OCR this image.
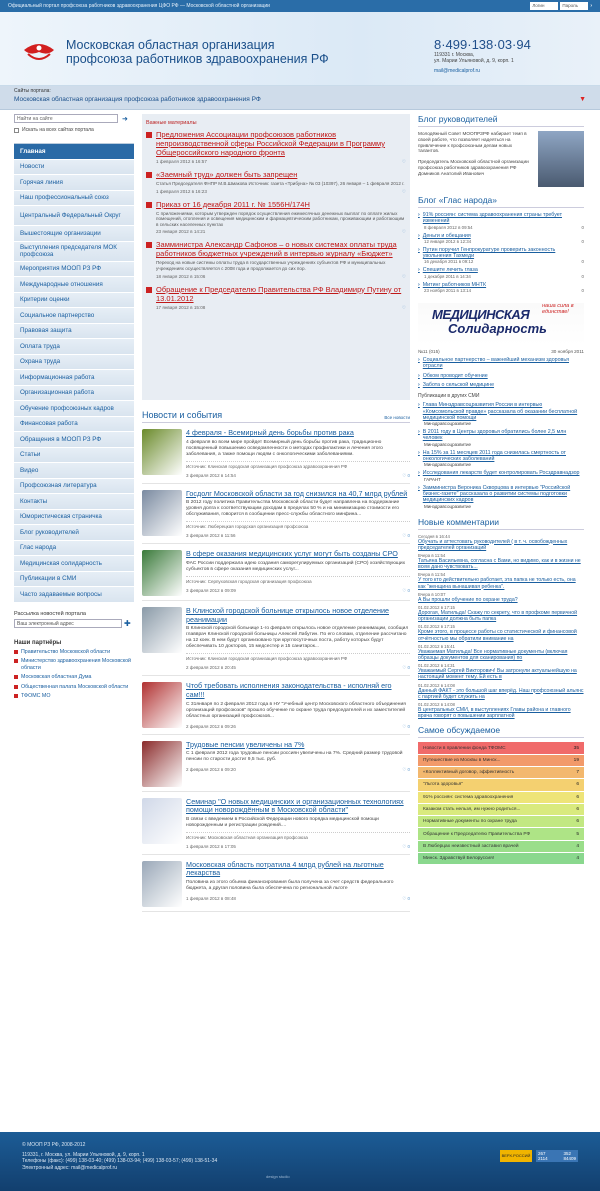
Официальный портал профсоюза работников здравоохранения ЦФО РФ — Московской областной организации	Логин	Пароль	›
Московская областная организация
профсоюза работников здравоохранения РФ
8·499·138·03·94
119331 г. Москва,
ул. Марии Ульяновой, д. 9, корп. 1
mail@medicalprof.ru
Сайты портала:
Московская областная организация профсоюза работников здравоохранения РФ	▼
Найти на сайте	➜
Искать на всех сайтах портала
Главная
Новости
Горячая линия
Наш профессиональный союз
Центральный Федеральный Округ
Вышестоящие организации
Выступления председателя МОК профсоюза
Мероприятия МООП РЗ РФ
Международные отношения
Критерии оценки
Социальное партнерство
Правовая защита
Оплата труда
Охрана труда
Информационная работа
Организационная работа
Обучение профсоюзных кадров
Финансовая работа
Обращения в МООП РЗ РФ
Статьи
Видео
Профсоюзная литература
Контакты
Юмористическая страничка
Блог руководителей
Глас народа
Медицинская солидарность
Публикации в СМИ
Часто задаваемые вопросы
Рассылка новостей портала
Ваш электронный адрес	✚
Наши партнёры
Правительство Московской области
Министерство здравоохранения Московской области
Московская областная Дума
Общественная палата Московской области
ТФОМС МО
Важные материалы
Предложения Ассоциации профсоюзов работников непроизводственной сферы Российской Федерации в Программу Общероссийского народного фронта
1 февраля 2012 в 16:57	♡
«Заемный труд» должен быть запрещен
Статья Председателя ФНПР М.В.Шмакова Источник: газета «Трибуна» № 03 (10397), 26 января – 1 февраля 2012 г.
1 февраля 2012 в 16:23	♡
Приказ от 16 декабря 2011 г. № 1556Н/174Н
С приложениями, которым утвержден порядок осуществления ежемесячных денежных выплат по оплате жилых помещений, отопления и освещения медицинским и фармацевтическим работникам, проживающим и работающим в сельских населенных пунктах
23 января 2012 в 14:21	♡
Замминистра Александр Сафонов – о новых системах оплаты труда работников бюджетных учреждений в интервью журналу «Бюджет»
Переход на новые системы оплаты труда в государственных учреждениях субъектов РФ и муниципальных учреждениях осуществляется с 2008 года и продолжается до сих пор.
18 января 2012 в 15:06	♡
Обращение к Председателю Правительства РФ Владимиру Путину от 13.01.2012
17 января 2012 в 15:08	♡
Новости и события	Все новости
4 февраля - Всемирный день борьбы против рака
4 февраля во всем мире пройдет Всемирный день борьбы против рака, традиционно посвященный повышению осведомленности о методах профилактики и лечения этого заболевания, а также помощи людям с онкологическими заболеваниями.
Источник: Клинская городская организация профсоюза здравоохранения РФ
3 февраля 2012 в 14:54	♡ 0
Госдолг Московской области за год снизился на 40,7 млрд рублей
В 2012 году политика Правительства Московской области будет направлена на поддержание уровня долга к соответствующим доходам в пределах 50 % и на минимизацию стоимости его обслуживания, говорится в сообщении пресс-службы областного минфина...
Источник: Люберецкая городская организация профсоюза
3 февраля 2012 в 11:56	♡ 0
В сфере оказания медицинских услуг могут быть созданы СРО
ФАС России поддержала идею создания саморегулируемых организаций (СРО) хозяйствующих субъектов в сфере оказания медицинских услуг...
Источник: Серпуховская городская организация профсоюза
3 февраля 2012 в 09:09	♡ 0
В Клинской городской больнице открылось новое отделение реанимации
В Клинской городской больнице 1-го февраля открылось новое отделение реанимации, сообщил главврач Клинской городской больницы Алексей Лабутин. По его словам, отделение рассчитано на 12 коек. В нем будут организовано три круглосуточных поста, работу которых будут обеспечивать 10 докторов, 15 медсестер и 15 санитарок...
Источник: Клинская городская организация профсоюза здравоохранения РФ
2 февраля 2012 в 20:45	♡ 0
Чтоб требовать исполнения законодательства - исполняй его сам!!!
С 31января по 2 февраля 2012 года в НУ "Учебный центр Московского областного объединения организаций профсоюзов" прошло обучение по охране труда председателей и их заместителей областных организаций профсоюзов...
2 февраля 2012 в 09:26	♡ 0
Трудовые пенсии увеличены на 7%
С 1 февраля 2012 года трудовые пенсии россиян увеличены на 7%. Средний размер трудовой пенсии по старости достиг 9,5 тыс. руб.
2 февраля 2012 в 09:20	♡ 0
Семинар "О новых медицинских и организационных технологиях помощи новорождённым в Московской области"
В связи с введением в Российской Федерации нового порядка медицинской помощи новорожденным и регистрации рождений....
Источник: Московская областная организация профсоюза
1 февраля 2012 в 17:05	♡ 0
Московская область потратила 4 млрд рублей на льготные лекарства
Половина из этого объема финансирования была получена за счет средств федерального бюджета, а другая половина была обеспечена по региональной льготе
1 февраля 2012 в 08:48	♡ 0
Блог руководителей
Молодёжный Совет МООПРЗРФ набирает темп в своей работе, что позволяет надеяться на привлечение к профсоюзным делам новых талантов.
Председатель Московской областной организации профсоюза работников здравоохранения РФ Домников Анатолий Иванович
Блог «Глас народа»
› 91% россиян: система здравоохранения страны требует изменений
8 февраля 2012 в 09:54	0
› Деньги и обещания
12 января 2012 в 12:34	0
› Путин поручил Генпрокуратуре проверить законность увольнения Тахмеди
16 декабря 2011 в 09:12	0
› Спешите лечить глаза
1 декабря 2011 в 14:34	0
› Митинг работников МНТК
23 ноября 2011 в 13:14	0
МЕДИЦИНСКАЯ
Солидарность
наша сила в единстве!
№11 (015)	30 ноября 2011
› Социальное партнерство – важнейший механизм здоровья отрасли
› Обком проводит обучение
› Забота о сельской медицине
Публикации в других СМИ
› Глава Минздравсоцразвития России в интервью «Комсомольской правде» рассказала об оказании бесплатной медицинской помощи
Минздравсоцразвитие
› В 2011 году в Центры здоровья обратились более 2,5 млн человек
Минздравсоцразвитие
› На 15% за 11 месяцев 2011 года снизилась смертность от онкологических заболеваний
Минздравсоцразвитие
› Исследования лекарств будет контролировать Росздравнадзор
ГАРАНТ
› Замминистра Вероника Скворцова в интервью "Российской бизнес-газете" рассказала о развитии системы подготовки медицинских кадров
Минздравсоцразвитие
Новые комментарии
Сегодня в 16:44
Обучать и аттестовать руководителей ( в т. ч. освобожденных председателей организаций
Вчера в 11:54
Татьяна Васильевна, согласна с Вами, но видимо, как и в жизни не всем дано чувствовать...
Вчера в 11:54
У того кто действительно работает, эта папка не только есть, она как "женщина вынашивая ребенка".
Вчера в 10:07
А Вы прошли обучение по охране труда?
01.02.2012 в 17:15
Дорогая, Матильда! Скажу по секрету, что в профкоме первичной организации должна быть папка
01.02.2012 в 17:15
Кроме этого, в процессе работы со статистической и финансовой отчётностью мы обратили внимание на
01.02.2012 в 15:41
Уважаемая Матильда! Все нормативные документы (включая образцы документов для сканирования) по
01.02.2012 в 14:31
Уважаемый Сергей Викторович! Вы затронули актуальнейшую на настоящий момент тему. Ей есть в
01.02.2012 в 14:08
Данный ФАКТ - это большой шаг вперёд. Наш профсоюзный альянс с партией будет служить на
01.02.2012 в 14:08
В центральных СМИ, в выступлениях Главы района и главного врача говорят о повышении зарплатной
Самое обсуждаемое
Новости в правлении фонда ТФОМС	35
Путешествие из Москвы в Минск...	19
«Коллективный договор, эффективность	7
"Льгота здоровья"	6
91% россиян: система здравоохранения	6
Казаком стать нельзя, им нужно родиться...	6
Нормативные документы по охране труда	6
Обращение к Председателю Правительства РФ	5
В Люберцах неизвестный заставил врачей	4
Минск. Здравствуй Белоруссия!	4
© МООП РЗ РФ, 2008-2012
119331, г. Москва, ул. Марии Ульяновой, д. 9, корп. 1
Телефоны (факс): (499) 138-03-40; (499) 138-03-94; (499) 138-03-57; (499) 138-51-34
Электронный адрес: mail@medicalprof.ru
design studio
ВЕРХ.РОССИЙ	267
2114
352
84409
